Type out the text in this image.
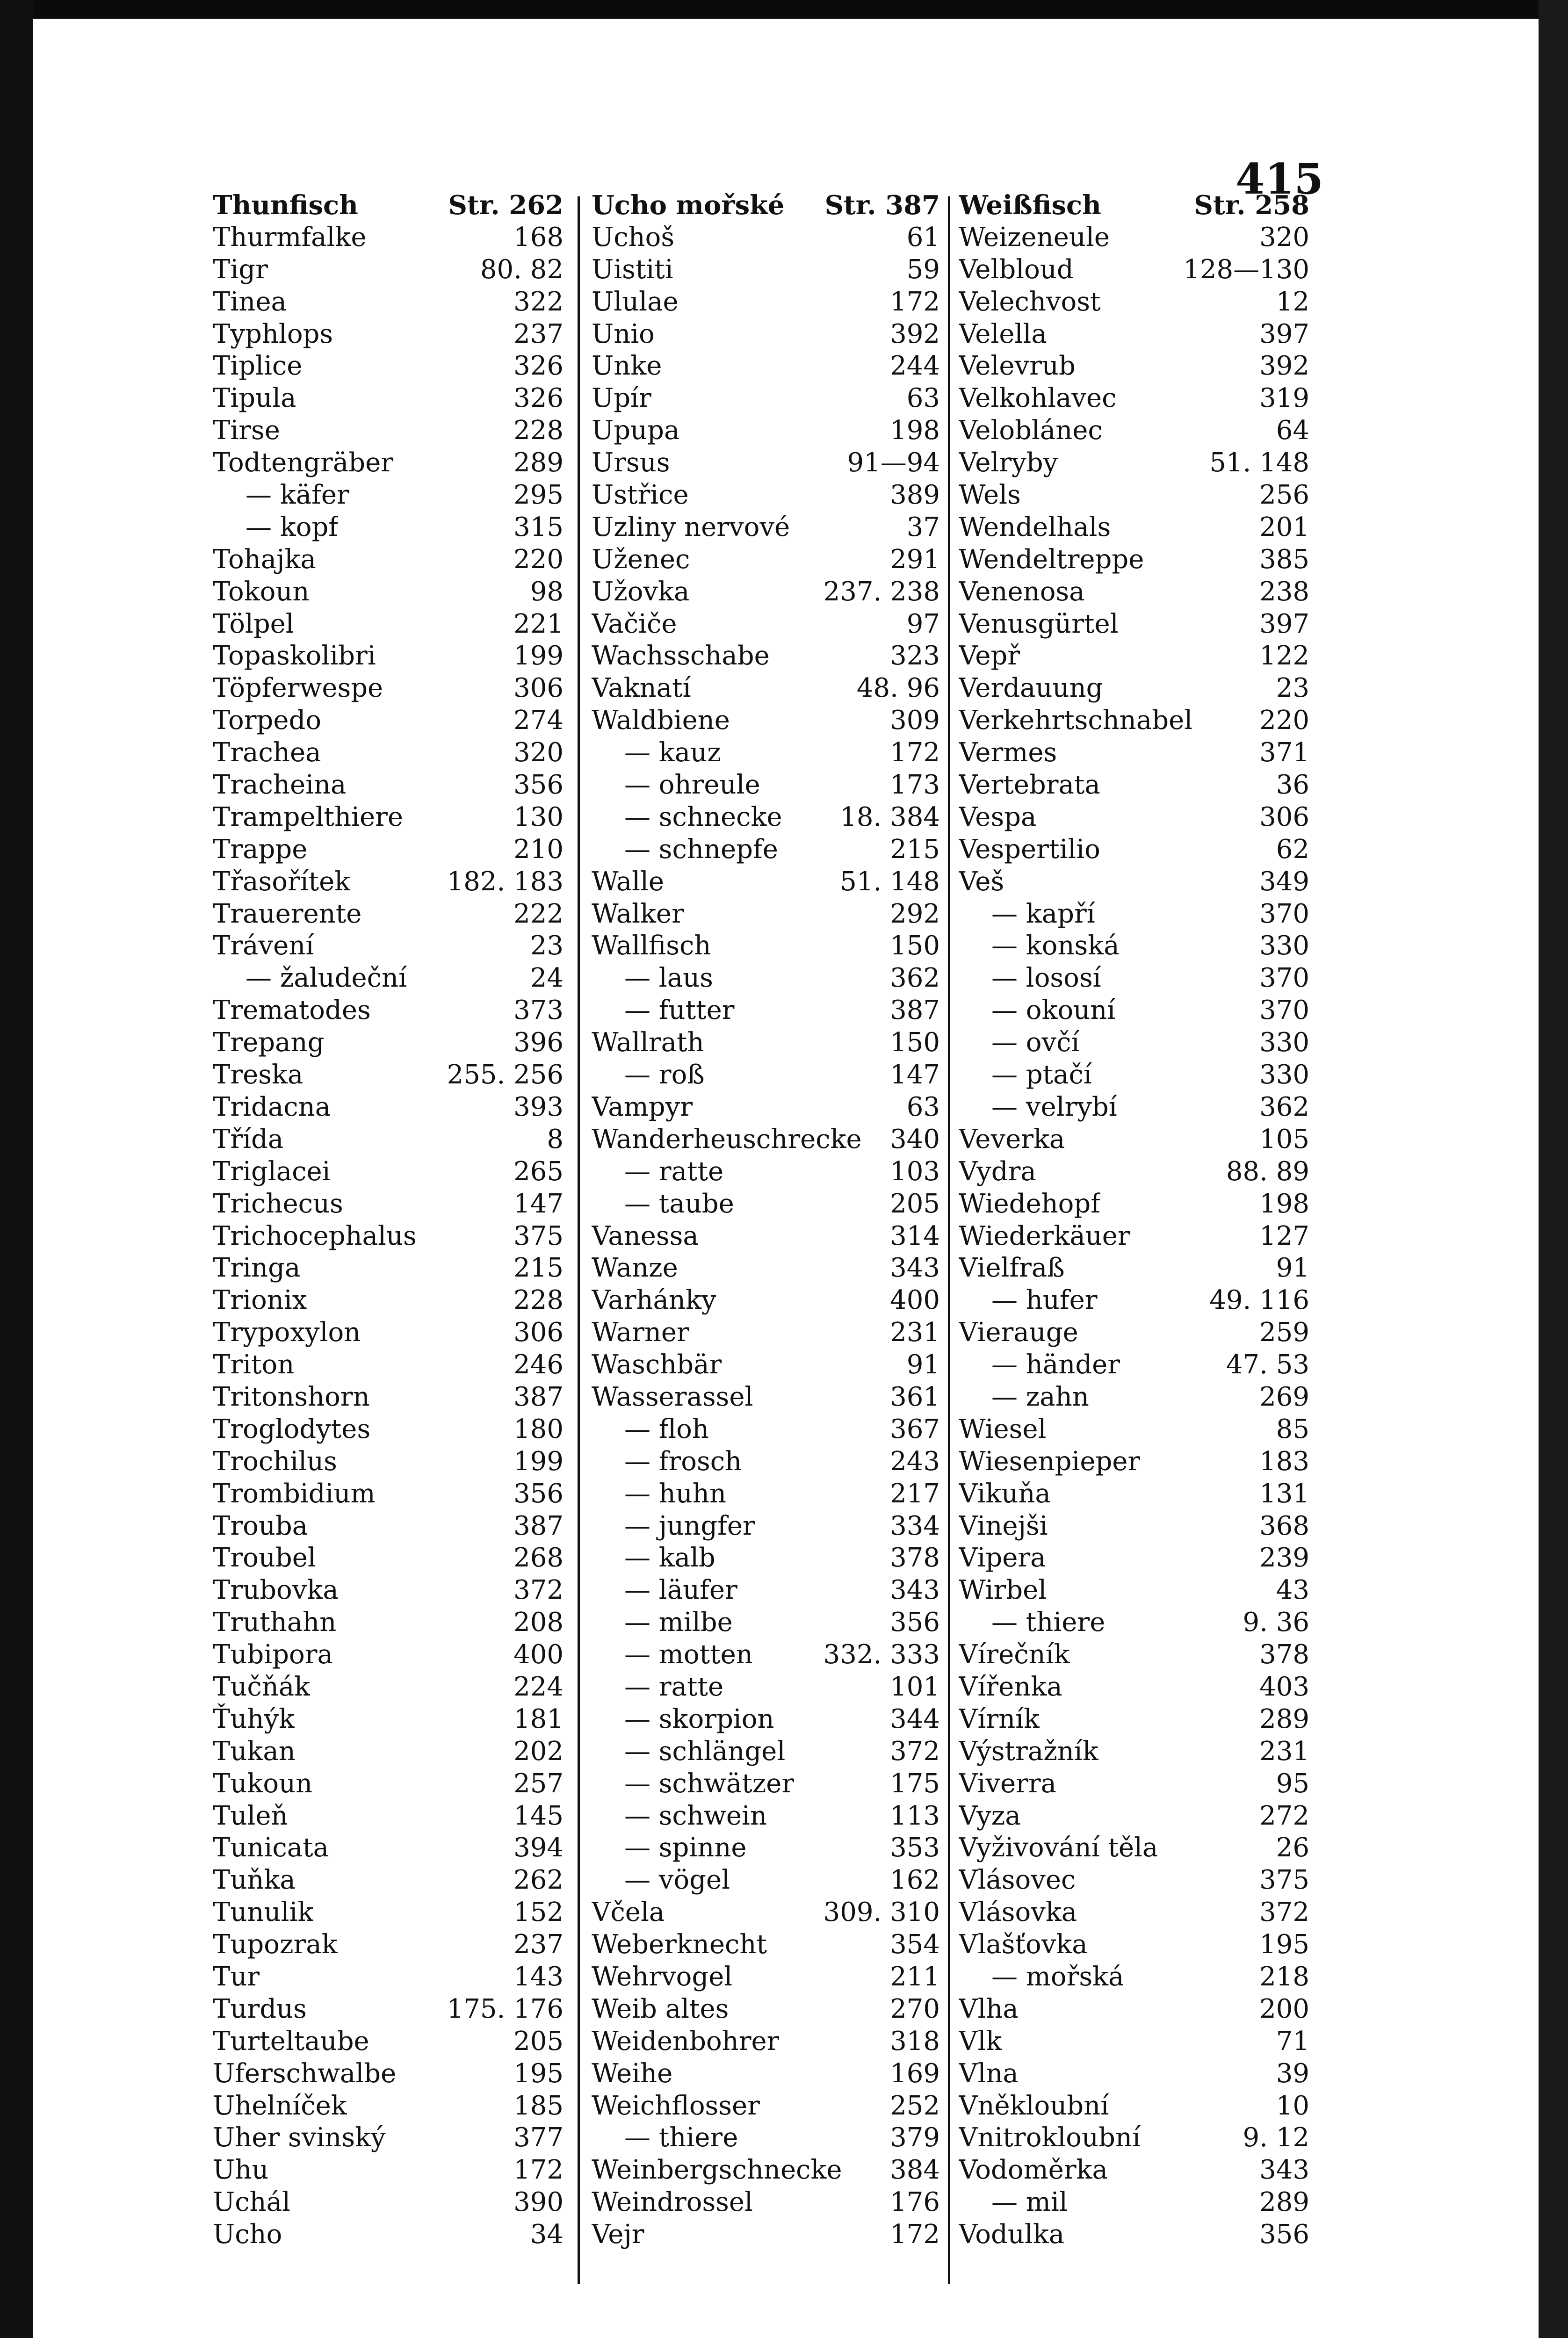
415
Thunfisch	Str. 262
Thurmfalke	168
Tigr	80. 82
Tinea	322
Typhlops	237
Tiplice	326
Tipula	326
Tirse	228
Todtengräber	289
— käfer	295
— kopf	315
Tohajka	220
Tokoun	98
Tölpel	221
Topaskolibri	199
Töpferwespe	306
Torpedo	274
Trachea	320
Tracheina	356
Trampelthiere	130
Trappe	210
Třasořítek	182. 183
Trauerente	222
Trávení	23
— žaludeční	24
Trematodes	373
Trepang	396
Treska	255. 256
Tridacna	393
Třída	8
Triglacei	265
Trichecus	147
Trichocephalus	375
Tringa	215
Trionix	228
Trypoxylon	306
Triton	246
Tritonshorn	387
Troglodytes	180
Trochilus	199
Trombidium	356
Trouba	387
Troubel	268
Trubovka	372
Truthahn	208
Tubipora	400
Tučňák	224
Ťuhýk	181
Tukan	202
Tukoun	257
Tuleň	145
Tunicata	394
Tuňka	262
Tunulik	152
Tupozrak	237
Tur	143
Turdus	175. 176
Turteltaube	205
Uferschwalbe	195
Uhelníček	185
Uher svinský	377
Uhu	172
Uchál	390
Ucho	34
Ucho mořské Str. 387
Uchoš	61
Uistiti	59
Ululae	172
Unio	392
Unke	244
Upír	63
Upupa	198
Ursus	91—94
Ustřice	389
Uzliny nervové	37
Uženec	291
Užovka	237. 238
Vačiče	97
Wachsschabe	323
Vaknatí	48. 96
Waldbiene	309
— kauz	172
— ohreule	173
— schnecke 18. 384
— schnepfe	215
Walle	51. 148
Walker	292
Wallfisch	150
— laus	362
— futter	387
Wallrath	150
— roß	147
Vampyr	63
Wanderheuschrecke 340
— ratte	103
— taube	205
Vanessa	314
Wanze	343
Varhánky	400
Warner	231
Waschbär	91
Wasserassel	361
— floh	367
— frosch	243
— huhn	217
— jungfer	334
— kalb	378
— läufer	343
— milbe	356
— motten	332. 333
— ratte	101
— skorpion	344
— schlängel	372
— schwätzer	175
— schwein	113
— spinne	353
— vögel	162
Včela	309. 310
Weberknecht	354
Wehrvogel	211
Weib altes	270
Weidenbohrer	318
Weihe	169
Weichflosser	252
— thiere	379
Weinbergschnecke 384
Weindrossel	176
Vejr	172
Weißfisch	Str. 258
Weizeneule	320
Velbloud	128—130
Velechvost	12
Velella	397
Velevrub	392
Velkohlavec	319
Veloblánec	64
Velryby	51. 148
Wels	256
Wendelhals	201
Wendeltreppe	385
Venenosa	238
Venusgürtel	397
Vepř	122
Verdauung	23
Verkehrtschnabel	220
Vermes	371
Vertebrata	36
Vespa	306
Vespertilio	62
Veš	349
— kapří	370
— konská	330
— lososí	370
— okouní	370
— ovčí	330
— ptačí	330
— velrybí	362
Veverka	105
Vydra	88. 89
Wiedehopf	198
Wiederkäuer	127
Vielfraß	91
— hufer	49. 116
Vierauge	259
— händer	47. 53
— zahn	269
Wiesel	85
Wiesenpieper	183
Vikuňa	131
Vinejši	368
Vipera	239
Wirbel	43
— thiere	9. 36
Vírečník	378
Vířenka	403
Vírník	289
Výstražník	231
Viverra	95
Vyza	272
Vyživování těla	26
Vlásovec	375
Vlásovka	372
Vlašťovka	195
— mořská	218
Vlha	200
Vlk	71
Vlna	39
Vněkloubní	10
Vnitrokloubní	9. 12
Vodoměrka	343
— mil	289
Vodulka	356
